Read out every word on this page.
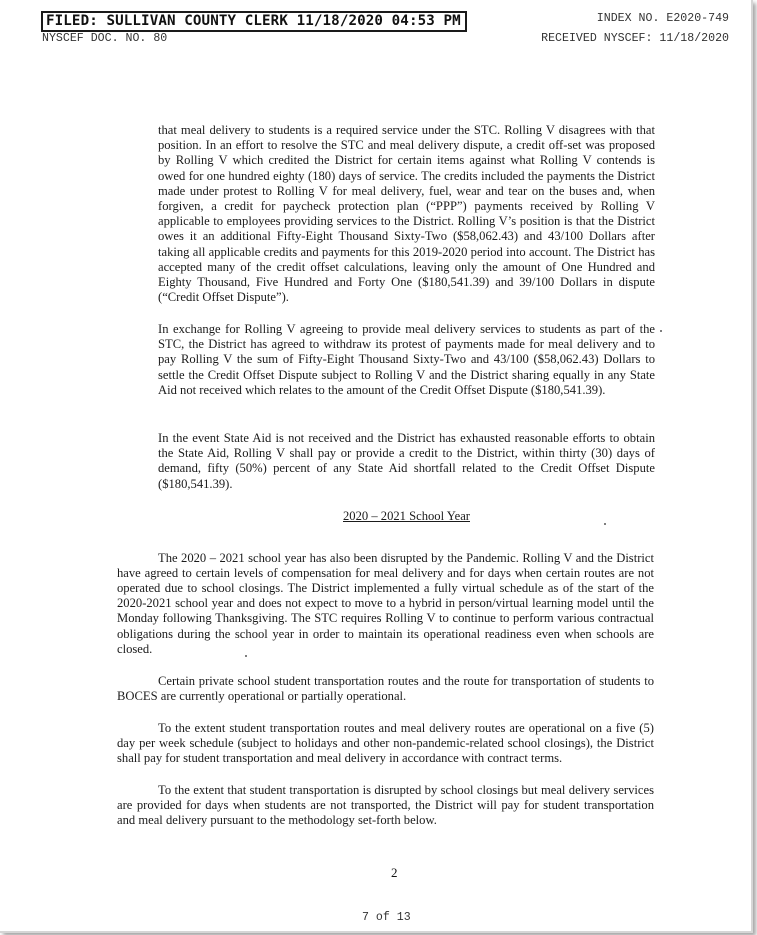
FILED: SULLIVAN COUNTY CLERK 11/18/2020 04:53 PM	INDEX NO. E2020-749
NYSCEF DOC. NO. 80	RECEIVED NYSCEF: 11/18/2020

that meal delivery to students is a required service under the STC. Rolling V disagrees with that position. In an effort to resolve the STC and meal delivery dispute, a credit off-set was proposed by Rolling V which credited the District for certain items against what Rolling V contends is owed for one hundred eighty (180) days of service. The credits included the payments the District made under protest to Rolling V for meal delivery, fuel, wear and tear on the buses and, when forgiven, a credit for paycheck protection plan (“PPP”) payments received by Rolling V applicable to employees providing services to the District. Rolling V’s position is that the District owes it an additional Fifty-Eight Thousand Sixty-Two ($58,062.43) and 43/100 Dollars after taking all applicable credits and payments for this 2019-2020 period into account. The District has accepted many of the credit offset calculations, leaving only the amount of One Hundred and Eighty Thousand, Five Hundred and Forty One ($180,541.39) and 39/100 Dollars in dispute (“Credit Offset Dispute”).

In exchange for Rolling V agreeing to provide meal delivery services to students as part of the STC, the District has agreed to withdraw its protest of payments made for meal delivery and to pay Rolling V the sum of Fifty-Eight Thousand Sixty-Two and 43/100 ($58,062.43) Dollars to settle the Credit Offset Dispute subject to Rolling V and the District sharing equally in any State Aid not received which relates to the amount of the Credit Offset Dispute ($180,541.39).

In the event State Aid is not received and the District has exhausted reasonable efforts to obtain the State Aid, Rolling V shall pay or provide a credit to the District, within thirty (30) days of demand, fifty (50%) percent of any State Aid shortfall related to the Credit Offset Dispute ($180,541.39).

2020 – 2021 School Year

The 2020 – 2021 school year has also been disrupted by the Pandemic. Rolling V and the District have agreed to certain levels of compensation for meal delivery and for days when certain routes are not operated due to school closings. The District implemented a fully virtual schedule as of the start of the 2020-2021 school year and does not expect to move to a hybrid in person/virtual learning model until the Monday following Thanksgiving. The STC requires Rolling V to continue to perform various contractual obligations during the school year in order to maintain its operational readiness even when schools are closed.

Certain private school student transportation routes and the route for transportation of students to BOCES are currently operational or partially operational.

To the extent student transportation routes and meal delivery routes are operational on a five (5) day per week schedule (subject to holidays and other non-pandemic-related school closings), the District shall pay for student transportation and meal delivery in accordance with contract terms.

To the extent that student transportation is disrupted by school closings but meal delivery services are provided for days when students are not transported, the District will pay for student transportation and meal delivery pursuant to the methodology set-forth below.

2
7 of 13
